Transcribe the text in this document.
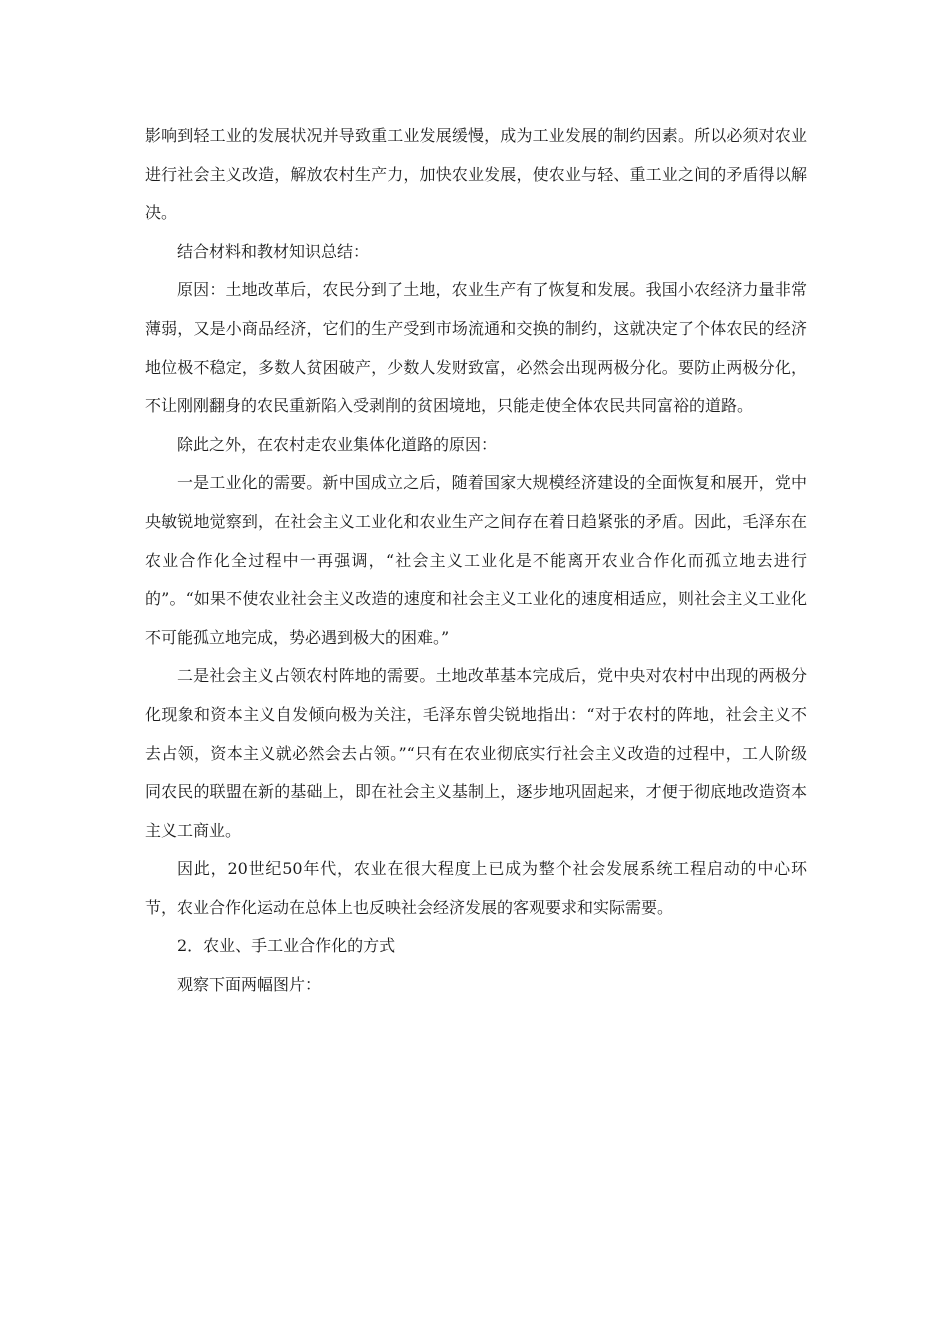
影响到轻工业的发展状况并导致重工业发展缓慢，成为工业发展的制约因素。所以必须对农业进行社会主义改造，解放农村生产力，加快农业发展，使农业与轻、重工业之间的矛盾得以解决。

结合材料和教材知识总结：

原因：土地改革后，农民分到了土地，农业生产有了恢复和发展。我国小农经济力量非常薄弱，又是小商品经济，它们的生产受到市场流通和交换的制约，这就决定了个体农民的经济地位极不稳定，多数人贫困破产，少数人发财致富，必然会出现两极分化。要防止两极分化，不让刚刚翻身的农民重新陷入受剥削的贫困境地，只能走使全体农民共同富裕的道路。

除此之外，在农村走农业集体化道路的原因：

一是工业化的需要。新中国成立之后，随着国家大规模经济建设的全面恢复和展开，党中央敏锐地觉察到，在社会主义工业化和农业生产之间存在着日趋紧张的矛盾。因此，毛泽东在农业合作化全过程中一再强调，“社会主义工业化是不能离开农业合作化而孤立地去进行的”。“如果不使农业社会主义改造的速度和社会主义工业化的速度相适应，则社会主义工业化不可能孤立地完成，势必遇到极大的困难。”

二是社会主义占领农村阵地的需要。土地改革基本完成后，党中央对农村中出现的两极分化现象和资本主义自发倾向极为关注，毛泽东曾尖锐地指出：“对于农村的阵地，社会主义不去占领，资本主义就必然会去占领。”“只有在农业彻底实行社会主义改造的过程中，工人阶级同农民的联盟在新的基础上，即在社会主义基制上，逐步地巩固起来，才便于彻底地改造资本主义工商业。

因此，20世纪50年代，农业在很大程度上已成为整个社会发展系统工程启动的中心环节，农业合作化运动在总体上也反映社会经济发展的客观要求和实际需要。

2．农业、手工业合作化的方式

观察下面两幅图片：
